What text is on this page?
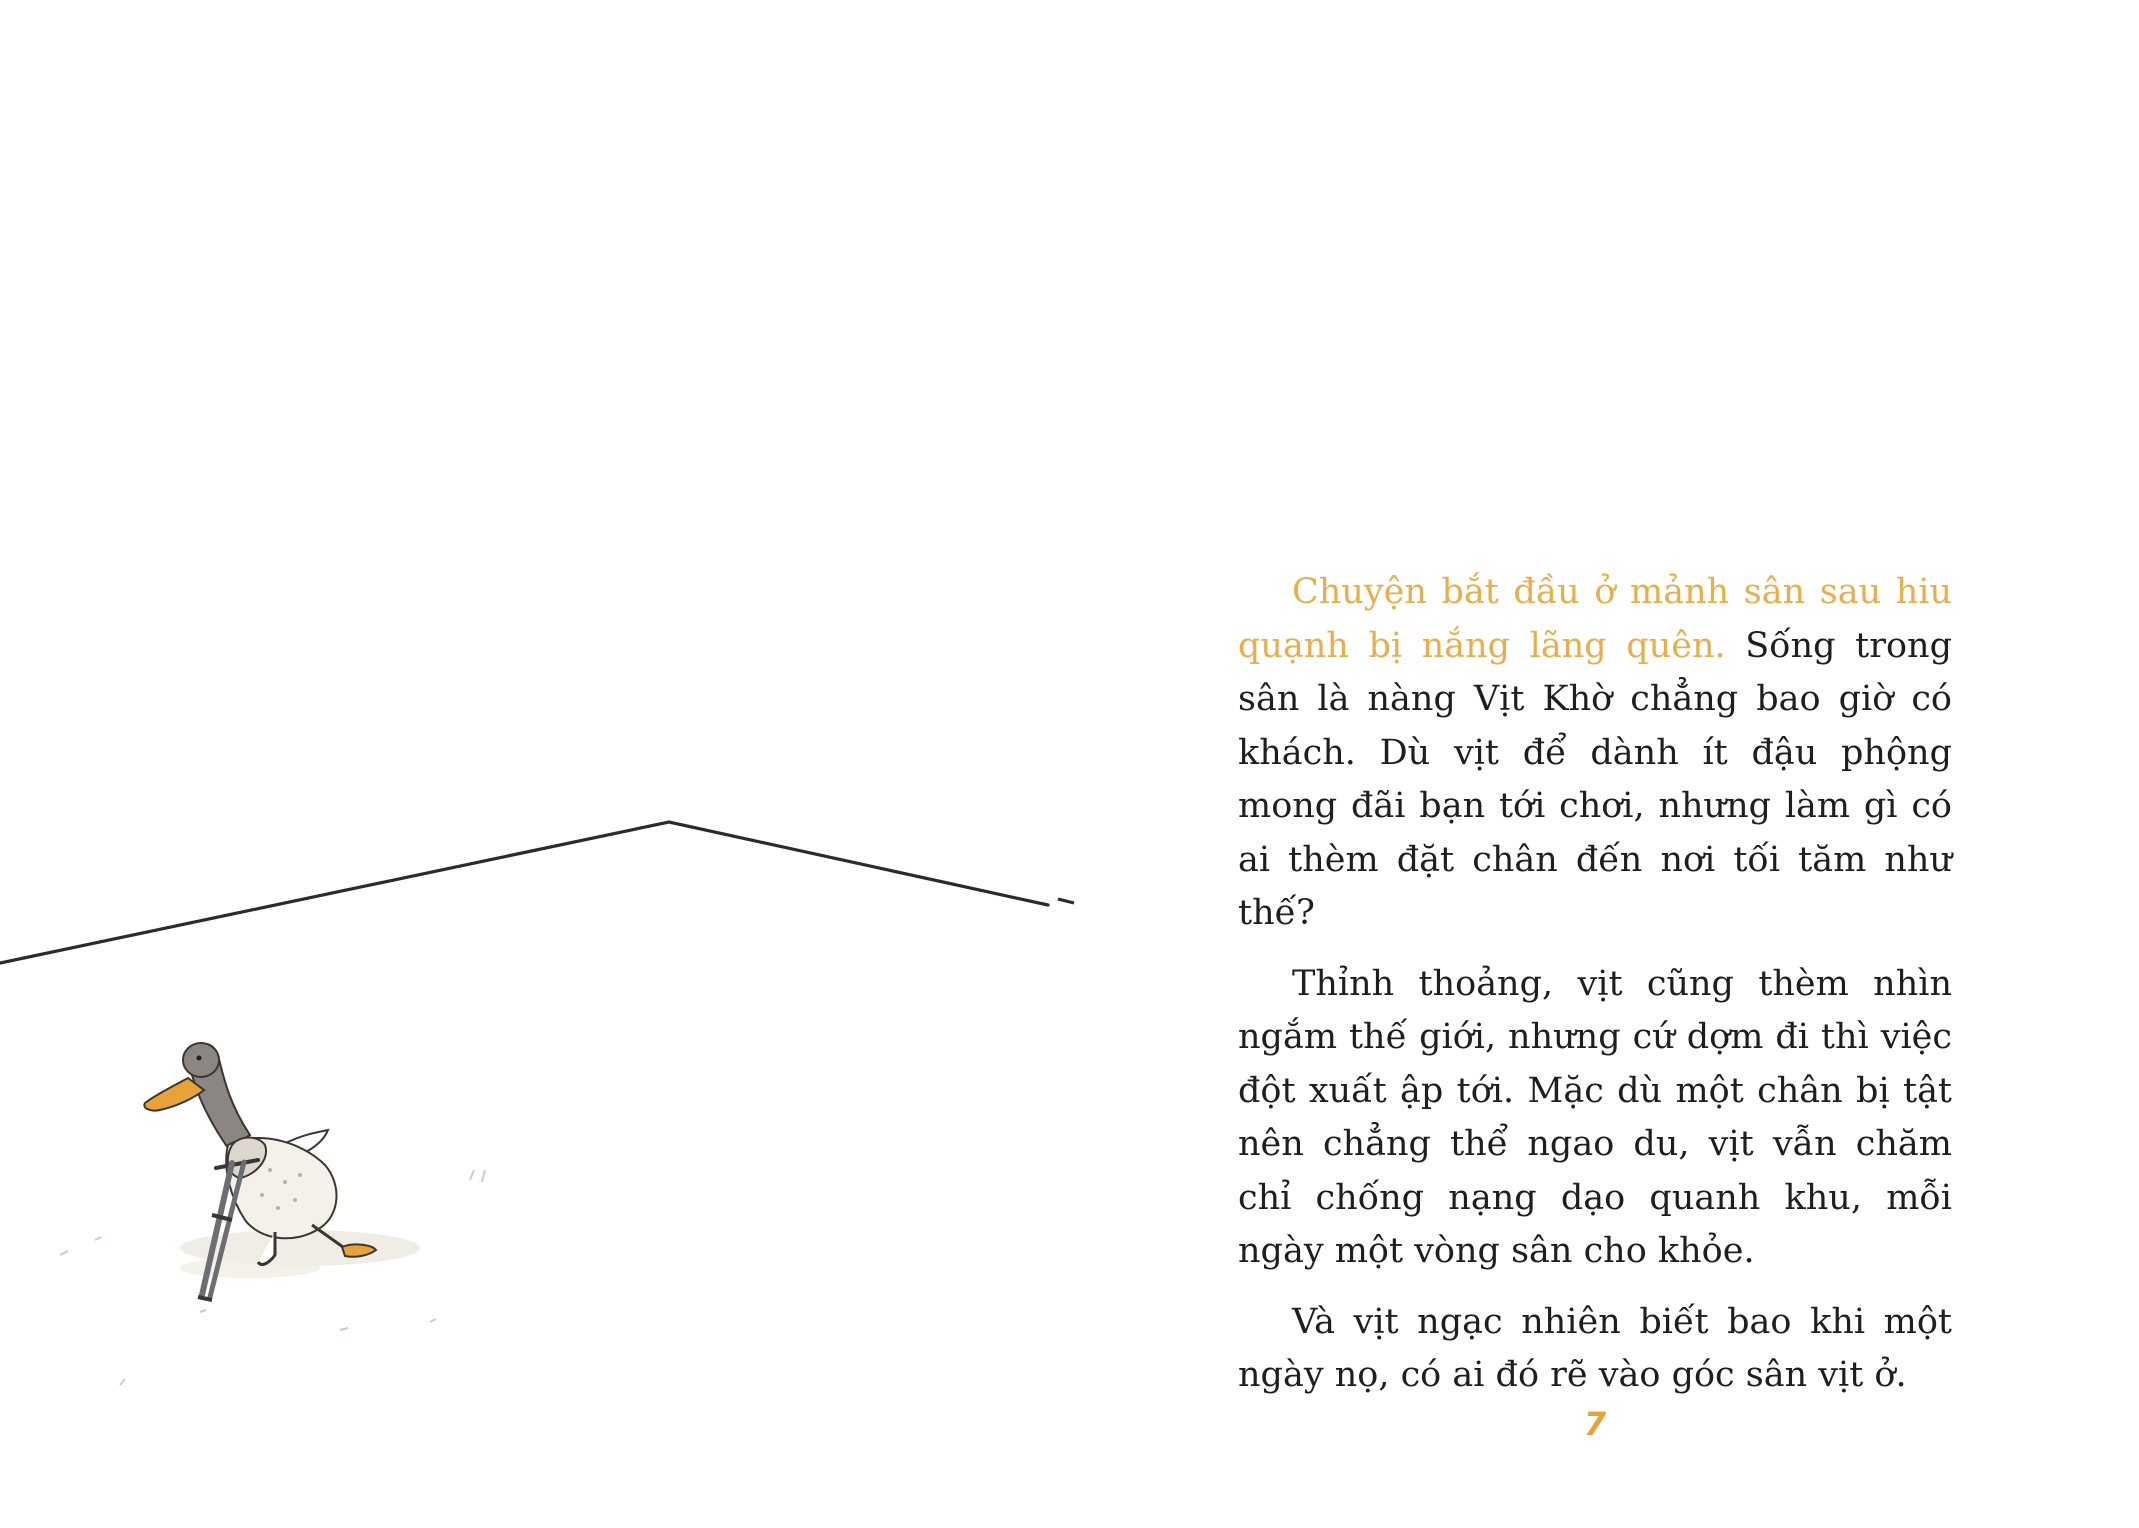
Chuyện bắt đầu ở mảnh sân sau hiu quạnh bị nắng lãng quên. Sống trong sân là nàng Vịt Khờ chẳng bao giờ có khách. Dù vịt để dành ít đậu phộng mong đãi bạn tới chơi, nhưng làm gì có ai thèm đặt chân đến nơi tối tăm như thế?

Thỉnh thoảng, vịt cũng thèm nhìn ngắm thế giới, nhưng cứ dợm đi thì việc đột xuất ập tới. Mặc dù một chân bị tật nên chẳng thể ngao du, vịt vẫn chăm chỉ chống nạng dạo quanh khu, mỗi ngày một vòng sân cho khỏe.

Và vịt ngạc nhiên biết bao khi một ngày nọ, có ai đó rẽ vào góc sân vịt ở.

7
